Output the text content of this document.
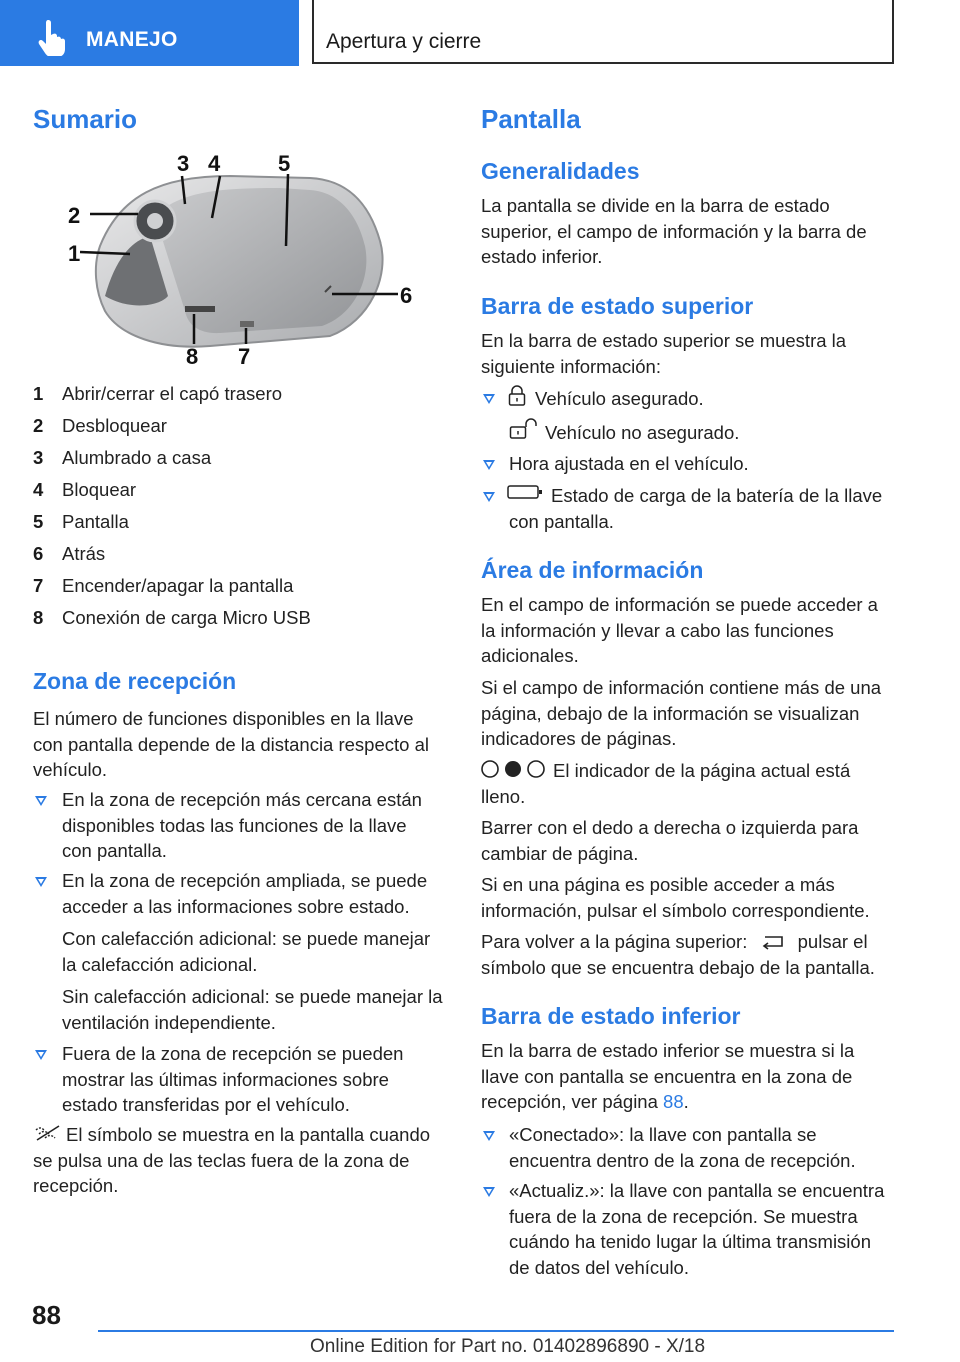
MANEJO	Apertura y cierre
Sumario
1
2
3 4	5
6
7
8
1 Abrir/cerrar el capó trasero
2 Desbloquear
3 Alumbrado a casa
4 Bloquear
5 Pantalla
6 Atrás
7 Encender/apagar la pantalla
8 Conexión de carga Micro USB
Zona de recepción

El número de funciones disponibles en la llave con pantalla depende de la distancia respecto al vehículo.

En la zona de recepción más cercana están disponibles todas las funciones de la llave con pantalla.

En la zona de recepción ampliada, se puede acceder a las informaciones sobre estado.

Con calefacción adicional: se puede manejar la calefacción adicional.

Sin calefacción adicional: se puede manejar la ventilación independiente.

Fuera de la zona de recepción se pueden mostrar las últimas informaciones sobre estado transferidas por el vehículo.

El símbolo se muestra en la pantalla cuando se pulsa una de las teclas fuera de la zona de recepción.

Pantalla
Generalidades

La pantalla se divide en la barra de estado superior, el campo de información y la barra de estado inferior.

Barra de estado superior

En la barra de estado superior se muestra la siguiente información:

Vehículo asegurado.

Vehículo no asegurado.

Hora ajustada en el vehículo.

Estado de carga de la batería de la llave con pantalla.

Área de información

En el campo de información se puede acceder a la información y llevar a cabo las funciones adicionales.

Si el campo de información contiene más de una página, debajo de la información se visualizan indicadores de páginas.

El indicador de la página actual está lleno.

Barrer con el dedo a derecha o izquierda para cambiar de página.

Si en una página es posible acceder a más información, pulsar el símbolo correspondiente.

Para volver a la página superior:	pulsar el símbolo que se encuentra debajo de la pantalla.

Barra de estado inferior

En la barra de estado inferior se muestra si la llave con pantalla se encuentra en la zona de recepción, ver página 88.

«Conectado»: la llave con pantalla se encuentra dentro de la zona de recepción.

«Actualiz.»: la llave con pantalla se encuentra fuera de la zona de recepción. Se muestra cuándo ha tenido lugar la última transmisión de datos del vehículo.

88
Online Edition for Part no. 01402896890 - X/18
